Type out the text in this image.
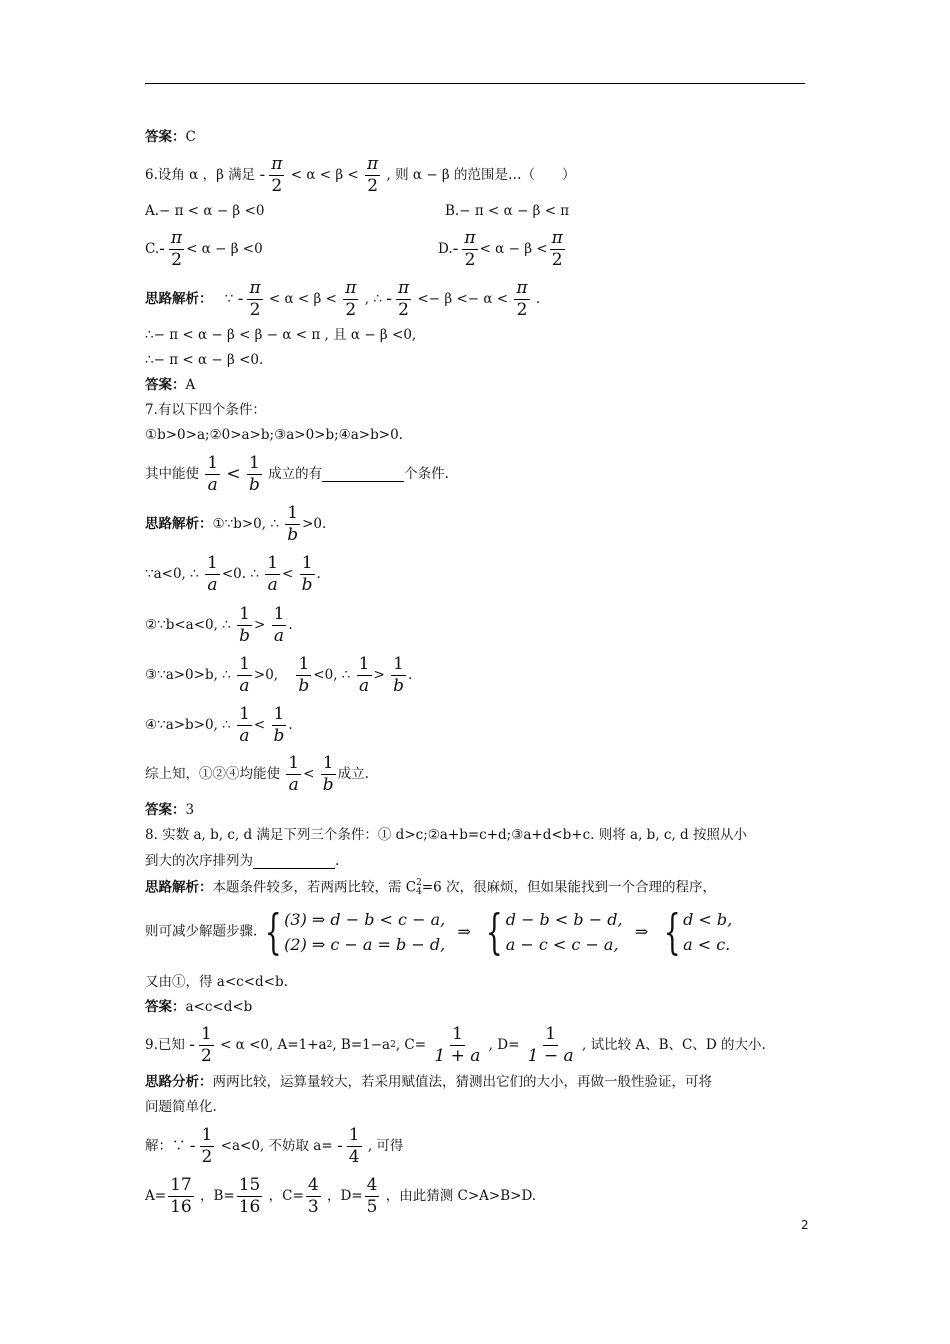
答案：C
6.设角 α ，β 满足 - $\frac{\pi}{2} < \alpha < \beta < \frac{\pi}{2}$ , 则 α − β 的范围是…（　　）
A.− π < α − β <0	B.− π < α − β < π
$C.- \frac{\pi}{2} < \alpha - \beta <0$	$D.- \frac{\pi}{2} < \alpha - \beta < \frac{\pi}{2}$
思路解析： ∵ - $\frac{\pi}{2} < \alpha < \beta < \frac{\pi}{2}$ , ∴ - $\frac{\pi}{2} <- \beta <- \alpha < \frac{\pi}{2}$ .
∴− π < α − β < β − α < π , 且 α − β <0,
∴− π < α − β <0.
答案：A
7.有以下四个条件：
①b>0>a;②0>a>b;③a>0>b;④a>b>0.
其中能使 $\frac{1}{a} < \frac{1}{b}$ 成立的有	个条件.
思路解析：①∵b>0, ∴ $\frac{1}{b} >0$.
∵a<0, ∴ $\frac{1}{a} <0$. ∴ $\frac{1}{a} < \frac{1}{b}$ .
②∵b<a<0, ∴ $\frac{1}{b} > \frac{1}{a}$ .
③∵a>0>b, ∴ $\frac{1}{a} >0$, $\frac{1}{b} <0$, ∴ $\frac{1}{a} > \frac{1}{b}$ .
④∵a>b>0, ∴ $\frac{1}{a} < \frac{1}{b}$ .
综上知，①②④均能使 $\frac{1}{a} < \frac{1}{b}$ 成立.
答案：3
8. 实数 a, b, c, d 满足下列三个条件：① d>c;②a+b=c+d;③a+d<b+c. 则将 a, b, c, d 按照从小
到大的次序排列为	.
思路解析：本题条件较多，若两两比较，需 C 2
4 =6 次，很麻烦，但如果能找到一个合理的程序，
则可减少解题步骤. { (3) ⇒ d − b < c − a,
(2) ⇒ c − a = b − d,
⇒ { d − b < b − d,
a − c < c − a,
⇒ { d < b,
a < c.
又由①，得 a<c<d<b.
答案：a<c<d<b
9.已知 - $\frac{1}{2} < \alpha <0$, A=1+a2, B=1−a2, $C= \frac{1}{1 + a}$ , $D= \frac{1}{1 - a}$ , 试比较 A、B、C、D 的大小.
思路分析：两两比较，运算量较大，若采用赋值法，猜测出它们的大小，再做一般性验证，可将
问题简单化.
解：∵ - $\frac{1}{2} <a<0$, 不妨取 $a= - \frac{1}{4}$ , 可得
$A= \frac{17}{16}$ ，$B= \frac{15}{16}$ ，$C= \frac{4}{3}$ ，$D= \frac{4}{5}$ ，由此猜测 C>A>B>D.
2
